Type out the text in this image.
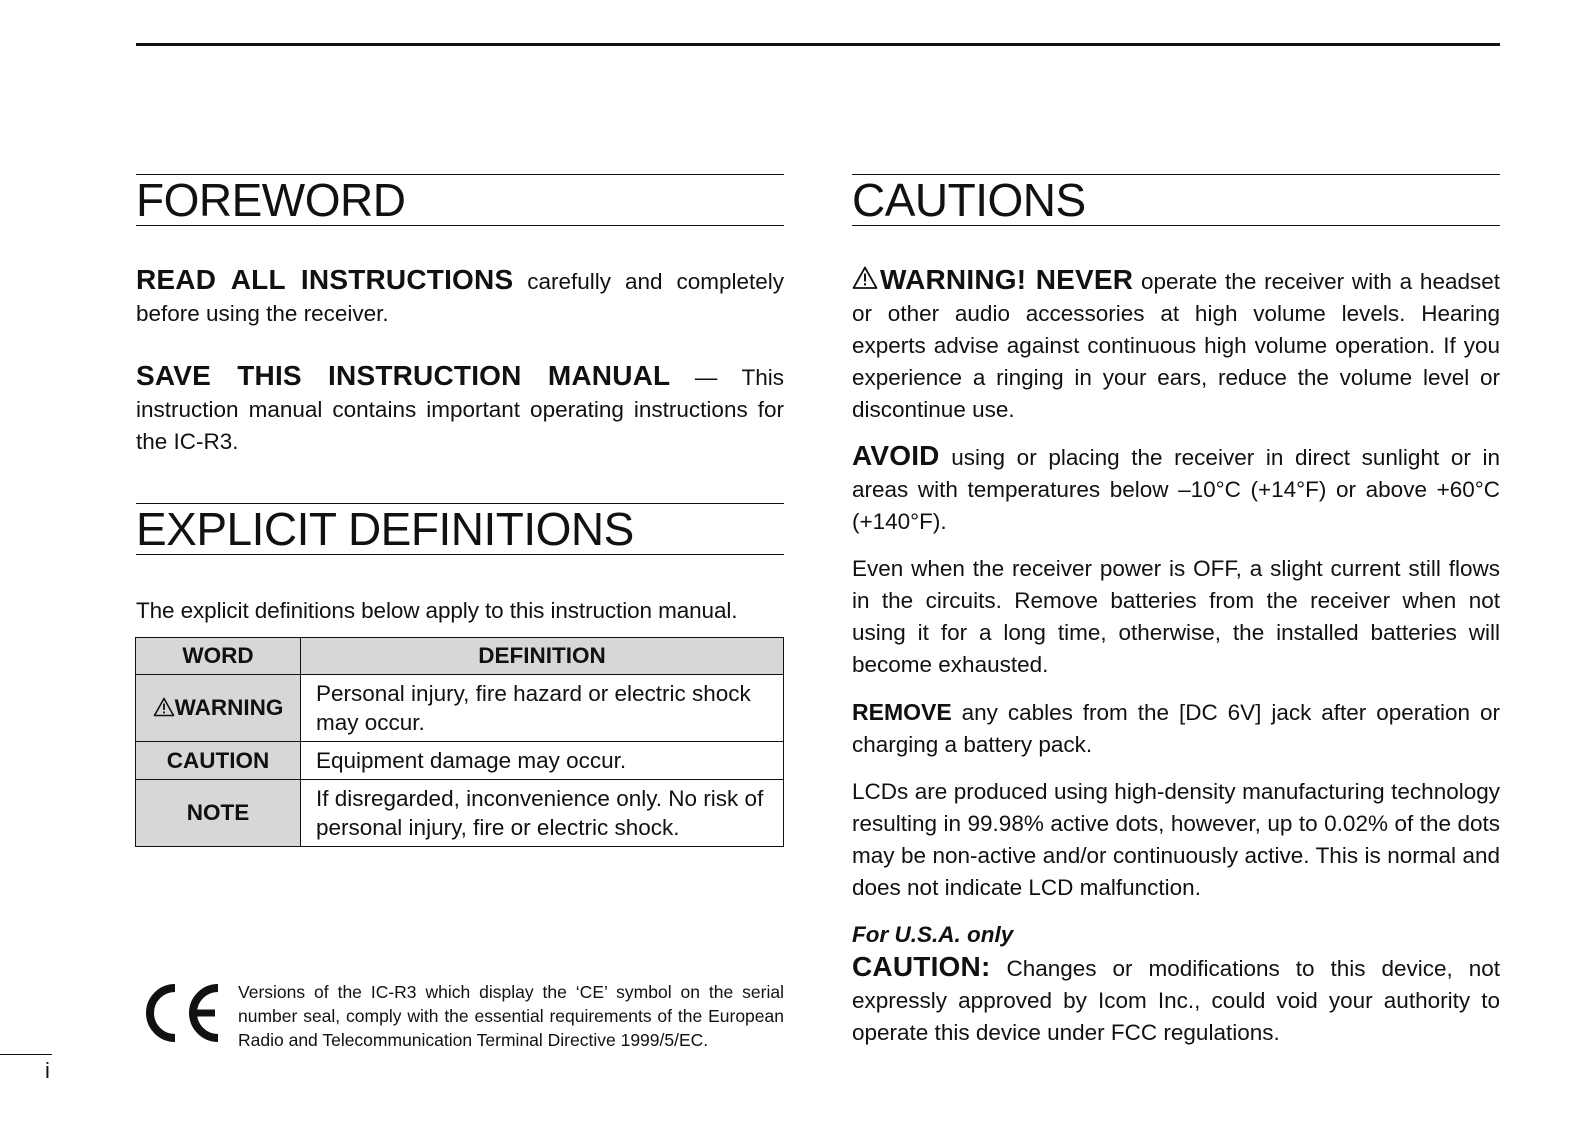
FOREWORD

READ ALL INSTRUCTIONS carefully and completely before using the receiver.

SAVE THIS INSTRUCTION MANUAL — This instruction manual contains important operating instructions for the IC-R3.

EXPLICIT DEFINITIONS

The explicit definitions below apply to this instruction manual.

WORD	DEFINITION
WARNING	Personal injury, fire hazard or electric shock may occur.
CAUTION	Equipment damage may occur.
NOTE	If disregarded, inconvenience only. No risk of personal injury, fire or electric shock.

Versions of the IC-R3 which display the ‘CE’ symbol on the serial number seal, comply with the essential requirements of the European Radio and Telecommunication Terminal Directive 1999/5/EC.

CAUTIONS

WARNING! NEVER operate the receiver with a headset or other audio accessories at high volume levels. Hearing experts advise against continuous high volume operation. If you experience a ringing in your ears, reduce the volume level or discontinue use.

AVOID using or placing the receiver in direct sunlight or in areas with temperatures below –10°C (+14°F) or above +60°C (+140°F).

Even when the receiver power is OFF, a slight current still flows in the circuits. Remove batteries from the receiver when not using it for a long time, otherwise, the installed batteries will become exhausted.

REMOVE any cables from the [DC 6V] jack after operation or charging a battery pack.

LCDs are produced using high-density manufacturing technology resulting in 99.98% active dots, however, up to 0.02% of the dots may be non-active and/or continuously active. This is normal and does not indicate LCD malfunction.

For U.S.A. only

CAUTION: Changes or modifications to this device, not expressly approved by Icom Inc., could void your authority to operate this device under FCC regulations.

i
